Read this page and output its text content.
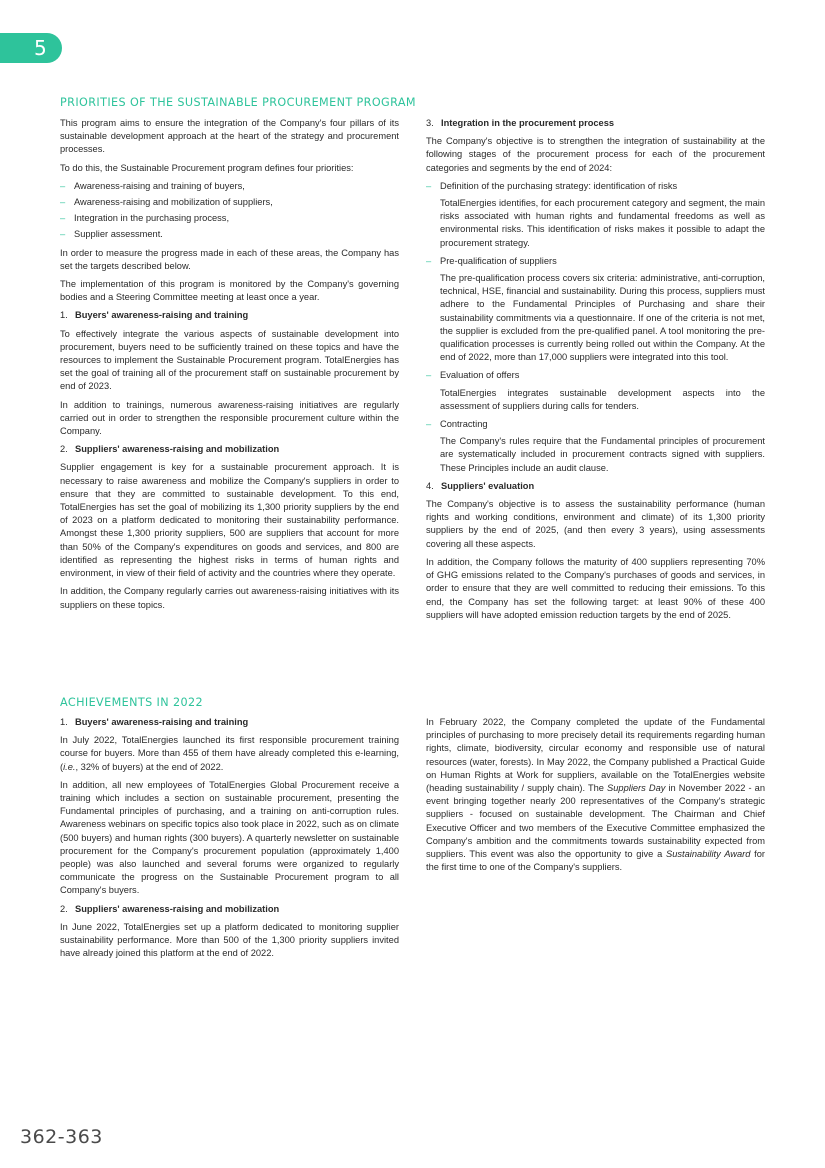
5
PRIORITIES OF THE SUSTAINABLE PROCUREMENT PROGRAM

This program aims to ensure the integration of the Company's four pillars of its sustainable development approach at the heart of the strategy and procurement processes.

To do this, the Sustainable Procurement program defines four priorities:

– Awareness-raising and training of buyers,
– Awareness-raising and mobilization of suppliers,
– Integration in the purchasing process,
– Supplier assessment.

In order to measure the progress made in each of these areas, the Company has set the targets described below.

The implementation of this program is monitored by the Company's governing bodies and a Steering Committee meeting at least once a year.

1. Buyers' awareness-raising and training

To effectively integrate the various aspects of sustainable development into procurement, buyers need to be sufficiently trained on these topics and have the resources to implement the Sustainable Procurement program. TotalEnergies has set the goal of training all of the procurement staff on sustainable procurement by end of 2023.

In addition to trainings, numerous awareness-raising initiatives are regularly carried out in order to strengthen the responsible procurement culture within the Company.

2. Suppliers' awareness-raising and mobilization

Supplier engagement is key for a sustainable procurement approach. It is necessary to raise awareness and mobilize the Company's suppliers in order to ensure that they are committed to sustainable development. To this end, TotalEnergies has set the goal of mobilizing its 1,300 priority suppliers by the end of 2023 on a platform dedicated to monitoring their sustainability performance. Amongst these 1,300 priority suppliers, 500 are suppliers that account for more than 50% of the Company's expenditures on goods and services, and 800 are identified as representing the highest risks in terms of human rights and environment, in view of their field of activity and the countries where they operate.

In addition, the Company regularly carries out awareness-raising initiatives with its suppliers on these topics.

3. Integration in the procurement process

The Company's objective is to strengthen the integration of sustainability at the following stages of the procurement process for each of the procurement categories and segments by the end of 2024:

– Definition of the purchasing strategy: identification of risks

TotalEnergies identifies, for each procurement category and segment, the main risks associated with human rights and fundamental freedoms as well as environmental risks. This identification of risks makes it possible to adapt the procurement strategy.

– Pre-qualification of suppliers

The pre-qualification process covers six criteria: administrative, anti-corruption, technical, HSE, financial and sustainability. During this process, suppliers must adhere to the Fundamental Principles of Purchasing and share their sustainability commitments via a questionnaire. If one of the criteria is not met, the supplier is excluded from the pre-qualified panel. A tool monitoring the pre-qualification processes is currently being rolled out within the Company. At the end of 2022, more than 17,000 suppliers were integrated into this tool.

– Evaluation of offers

TotalEnergies integrates sustainable development aspects into the assessment of suppliers during calls for tenders.

– Contracting

The Company's rules require that the Fundamental principles of procurement are systematically included in procurement contracts signed with suppliers. These Principles include an audit clause.

4. Suppliers' evaluation

The Company's objective is to assess the sustainability performance (human rights and working conditions, environment and climate) of its 1,300 priority suppliers by the end of 2025, (and then every 3 years), using assessments covering all these aspects.

In addition, the Company follows the maturity of 400 suppliers representing 70% of GHG emissions related to the Company's purchases of goods and services, in order to ensure that they are well committed to reducing their emissions. To this end, the Company has set the following target: at least 90% of these 400 suppliers will have adopted emission reduction targets by the end of 2025.

ACHIEVEMENTS IN 2022
1. Buyers' awareness-raising and training

In July 2022, TotalEnergies launched its first responsible procurement training course for buyers. More than 455 of them have already completed this e-learning, (i.e., 32% of buyers) at the end of 2022.

In addition, all new employees of TotalEnergies Global Procurement receive a training which includes a section on sustainable procurement, presenting the Fundamental principles of purchasing, and a training on anti-corruption rules. Awareness webinars on specific topics also took place in 2022, such as on climate (500 buyers) and human rights (300 buyers). A quarterly newsletter on sustainable procurement for the Company's procurement population (approximately 1,400 people) was also launched and several forums were organized to regularly communicate the progress on the Sustainable Procurement program to all Company's buyers.

2. Suppliers' awareness-raising and mobilization

In June 2022, TotalEnergies set up a platform dedicated to monitoring supplier sustainability performance. More than 500 of the 1,300 priority suppliers invited have already joined this platform at the end of 2022.

In February 2022, the Company completed the update of the Fundamental principles of purchasing to more precisely detail its requirements regarding human rights, climate, biodiversity, circular economy and responsible use of natural resources (water, forests). In May 2022, the Company published a Practical Guide on Human Rights at Work for suppliers, available on the TotalEnergies website (heading sustainability / supply chain). The Suppliers Day in November 2022 - an event bringing together nearly 200 representatives of the Company's strategic suppliers - focused on sustainable development. The Chairman and Chief Executive Officer and two members of the Executive Committee emphasized the Company's ambition and the commitments towards sustainability expected from suppliers. This event was also the opportunity to give a Sustainability Award for the first time to one of the Company's suppliers.

362-363
